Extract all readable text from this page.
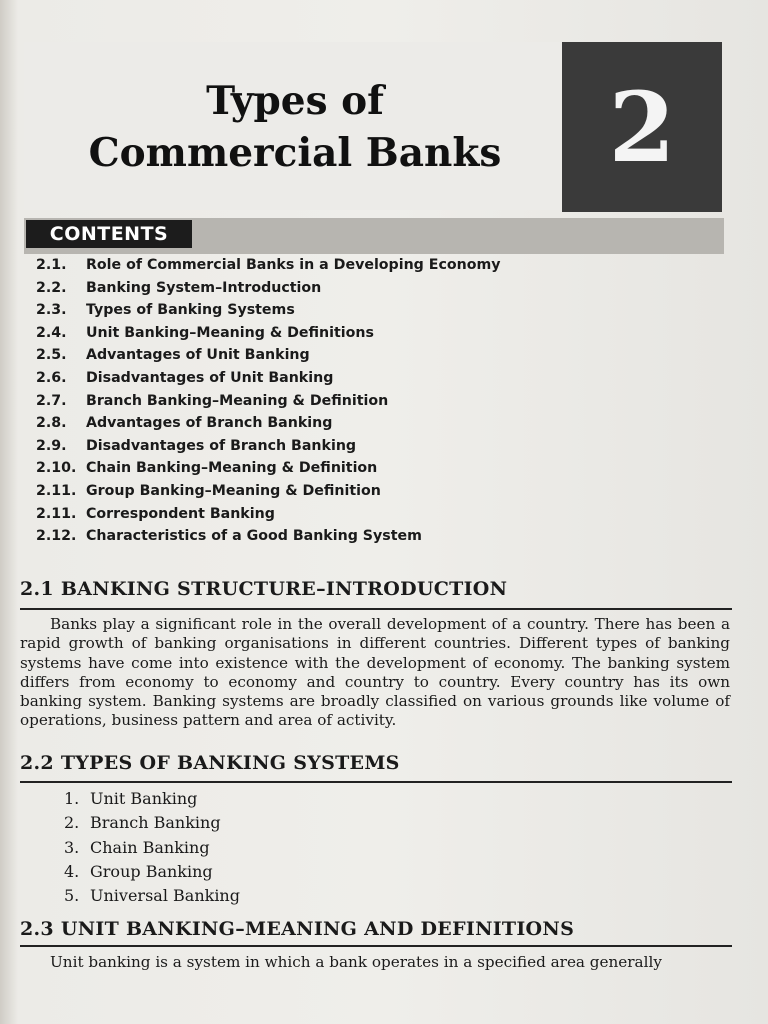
Types of
Commercial Banks 2
CONTENTS
2.1. Role of Commercial Banks in a Developing Economy
2.2. Banking System–Introduction
2.3. Types of Banking Systems
2.4. Unit Banking–Meaning & Definitions
2.5. Advantages of Unit Banking
2.6. Disadvantages of Unit Banking
2.7. Branch Banking–Meaning & Definition
2.8. Advantages of Branch Banking
2.9. Disadvantages of Branch Banking
2.10. Chain Banking–Meaning & Definition
2.11. Group Banking–Meaning & Definition
2.11. Correspondent Banking
2.12. Characteristics of a Good Banking System
2.1 BANKING STRUCTURE–INTRODUCTION

Banks play a significant role in the overall development of a country. There has been a rapid growth of banking organisations in different countries. Different types of banking systems have come into existence with the development of economy. The banking system differs from economy to economy and country to country. Every country has its own banking system. Banking systems are broadly classified on various grounds like volume of operations, business pattern and area of activity.

2.2 TYPES OF BANKING SYSTEMS
1. Unit Banking
2. Branch Banking
3. Chain Banking
4. Group Banking
5. Universal Banking
2.3 UNIT BANKING–MEANING AND DEFINITIONS

Unit banking is a system in which a bank operates in a specified area generally
